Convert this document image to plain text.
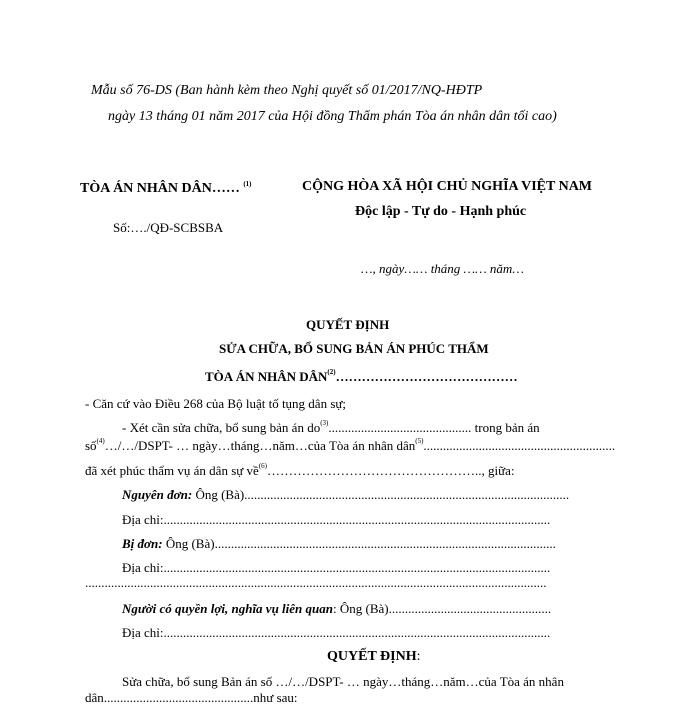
Mẫu số 76-DS (Ban hành kèm theo Nghị quyết số 01/2017/NQ-HĐTP
ngày 13 tháng 01 năm 2017 của Hội đồng Thẩm phán Tòa án nhân dân tối cao)
TÒA ÁN NHÂN DÂN…… $^{(1)}$
Số:…./QĐ-SCBSBA
CỘNG HÒA XÃ HỘI CHỦ NGHĨA VIỆT NAM
Độc lập - Tự do - Hạnh phúc
…, ngày…… tháng …… năm…
QUYẾT ĐỊNH
SỬA CHỮA, BỔ SUNG BẢN ÁN PHÚC THẨM
TÒA ÁN NHÂN DÂN$^{(2)}$……………………………………
- Căn cứ vào Điều 268 của Bộ luật tố tụng dân sự;
- Xét cần sửa chữa, bổ sung bản án $do^{(3)}$............................................ trong bản án
số$^{(4)}$…/…/DSPT- … ngày…tháng…năm…của Tòa án nhân dân$^{(5)}$...........................................................
đã xét phúc thẩm vụ án dân sự về$^{(6)}$………………………………………….., giữa:
Nguyên đơn: Ông (Bà)....................................................................................................
Địa chỉ:.......................................................................................................................
Bị đơn: Ông (Bà).........................................................................................................
Địa chỉ:.......................................................................................................................
..............................................................................................................................................
Người có quyền lợi, nghĩa vụ liên quan: Ông (Bà)..................................................
Địa chỉ:.......................................................................................................................
QUYẾT ĐỊNH:
Sửa chữa, bổ sung Bản án số …/…/DSPT- … ngày…tháng…năm…của Tòa án nhân
dân..............................................như sau:
